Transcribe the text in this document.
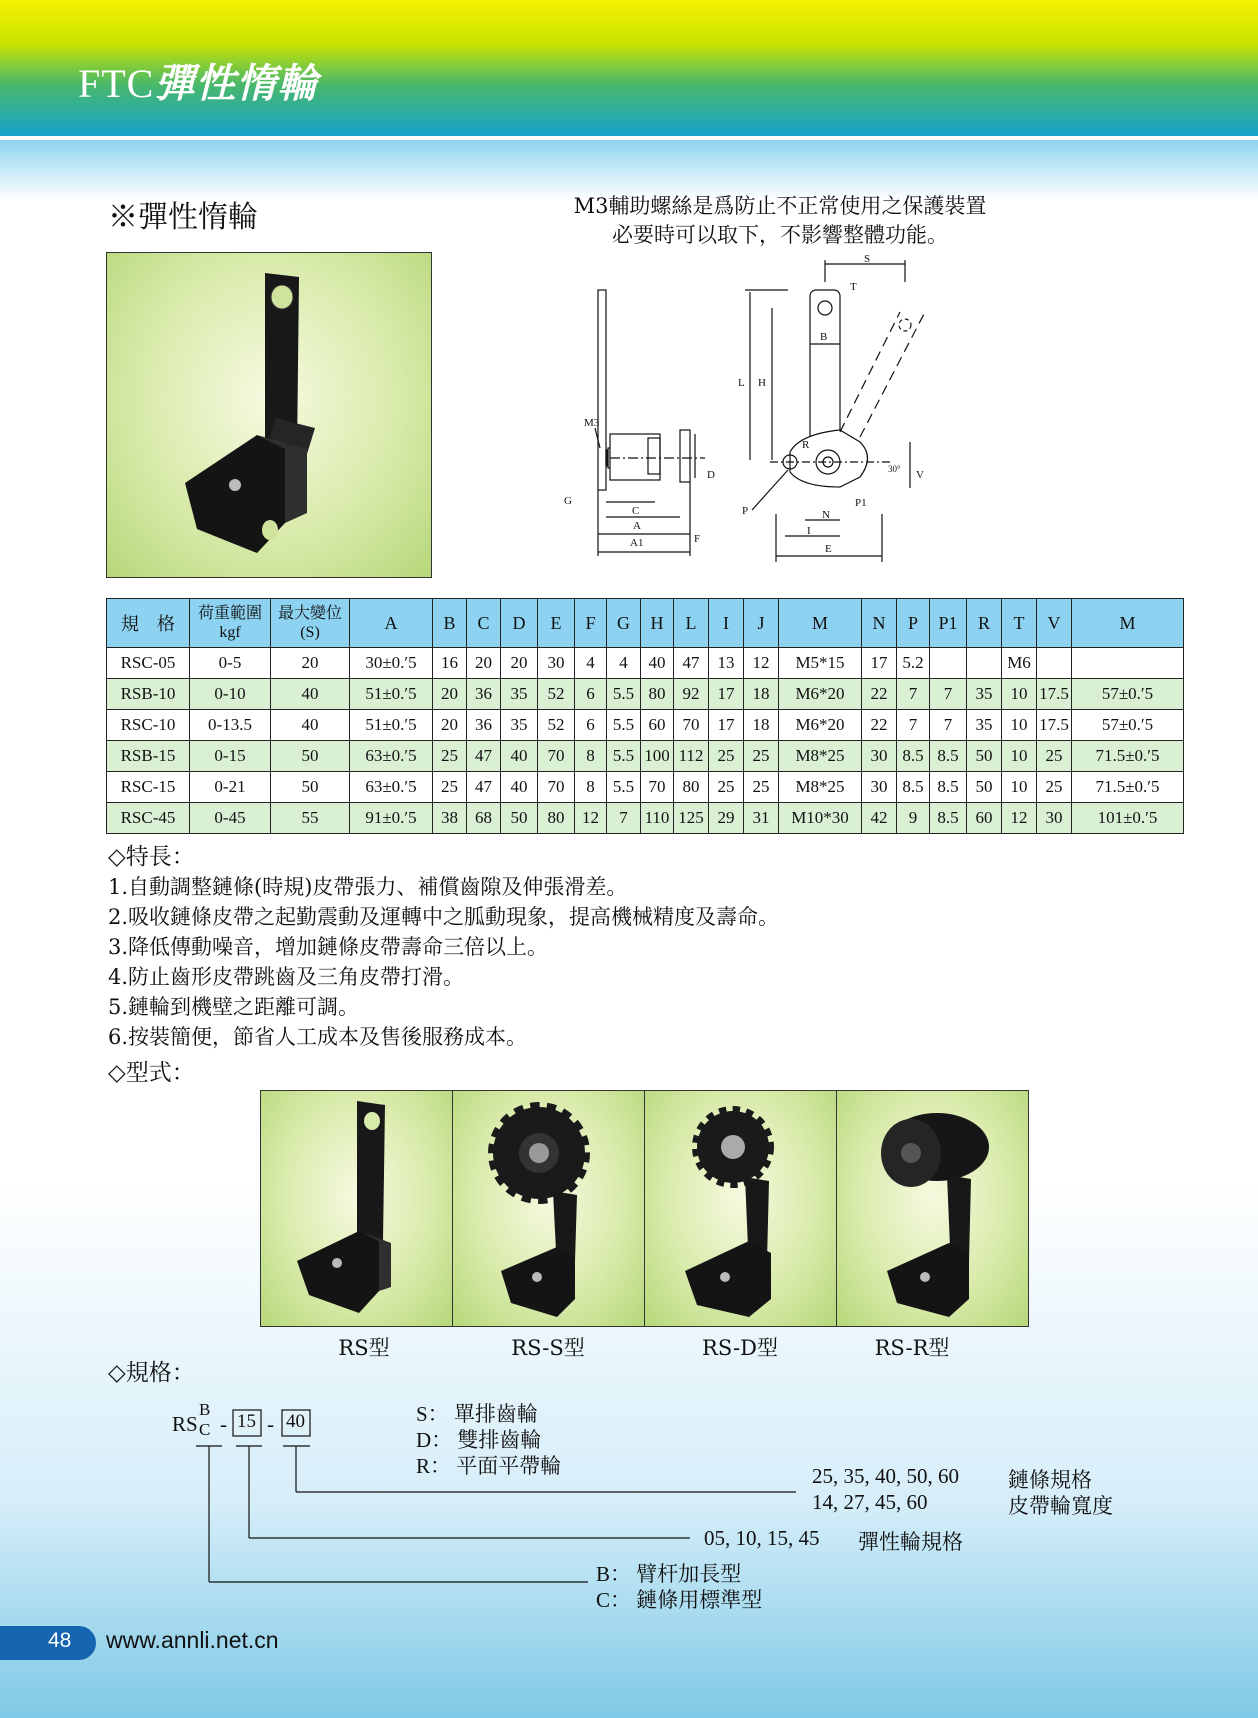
FTC彈性惰輪
※彈性惰輪	M3輔助螺絲是爲防止不正常使用之保護裝置
必要時可以取下，不影響整體功能。
D
M3
G
C
A
A1	F
S
T
B
L H
P	N
I
E
R
P1
30° V
規　格	荷重範圍 kgf	最大變位 (S)	A	B	C	D	E	F	G	H	L	I	J	M	N	P	P1	R	T	V	M
RSC-05	0-5	20	30±0.′5	16	20	20	30	4	4	40	47	13	12	M5*15	17	5.2			M6		
RSB-10	0-10	40	51±0.′5	20	36	35	52	6	5.5	80	92	17	18	M6*20	22	7	7	35	10	17.5	57±0.′5
RSC-10	0-13.5	40	51±0.′5	20	36	35	52	6	5.5	60	70	17	18	M6*20	22	7	7	35	10	17.5	57±0.′5
RSB-15	0-15	50	63±0.′5	25	47	40	70	8	5.5	100	112	25	25	M8*25	30	8.5	8.5	50	10	25	71.5±0.′5
RSC-15	0-21	50	63±0.′5	25	47	40	70	8	5.5	70	80	25	25	M8*25	30	8.5	8.5	50	10	25	71.5±0.′5
RSC-45	0-45	55	91±0.′5	38	68	50	80	12	7	110	125	29	31	M10*30	42	9	8.5	60	12	30	101±0.′5
◇特長：
1.自動調整鏈條(時規)皮帶張力、補償齒隙及伸張滑差。
2.吸收鏈條皮帶之起勤震動及運轉中之胍動現象，提高機械精度及壽命。
3.降低傳動噪音，增加鏈條皮帶壽命三倍以上。
4.防止齒形皮帶跳齒及三角皮帶打滑。
5.鏈輪到機壁之距離可調。
6.按裝簡便，節省人工成本及售後服務成本。
◇型式：
RS型	RS-S型	RS-D型	RS-R型
◇規格：
RS
B
C - 15 - 40	S： 單排齒輪
D： 雙排齒輪
R： 平面平帶輪	25, 35, 40, 50, 60 鏈條規格
14, 27, 45, 60	皮帶輪寬度
05, 10, 15, 45 彈性輪規格
B： 臂杆加長型
C： 鏈條用標準型
48 www.annli.net.cn
